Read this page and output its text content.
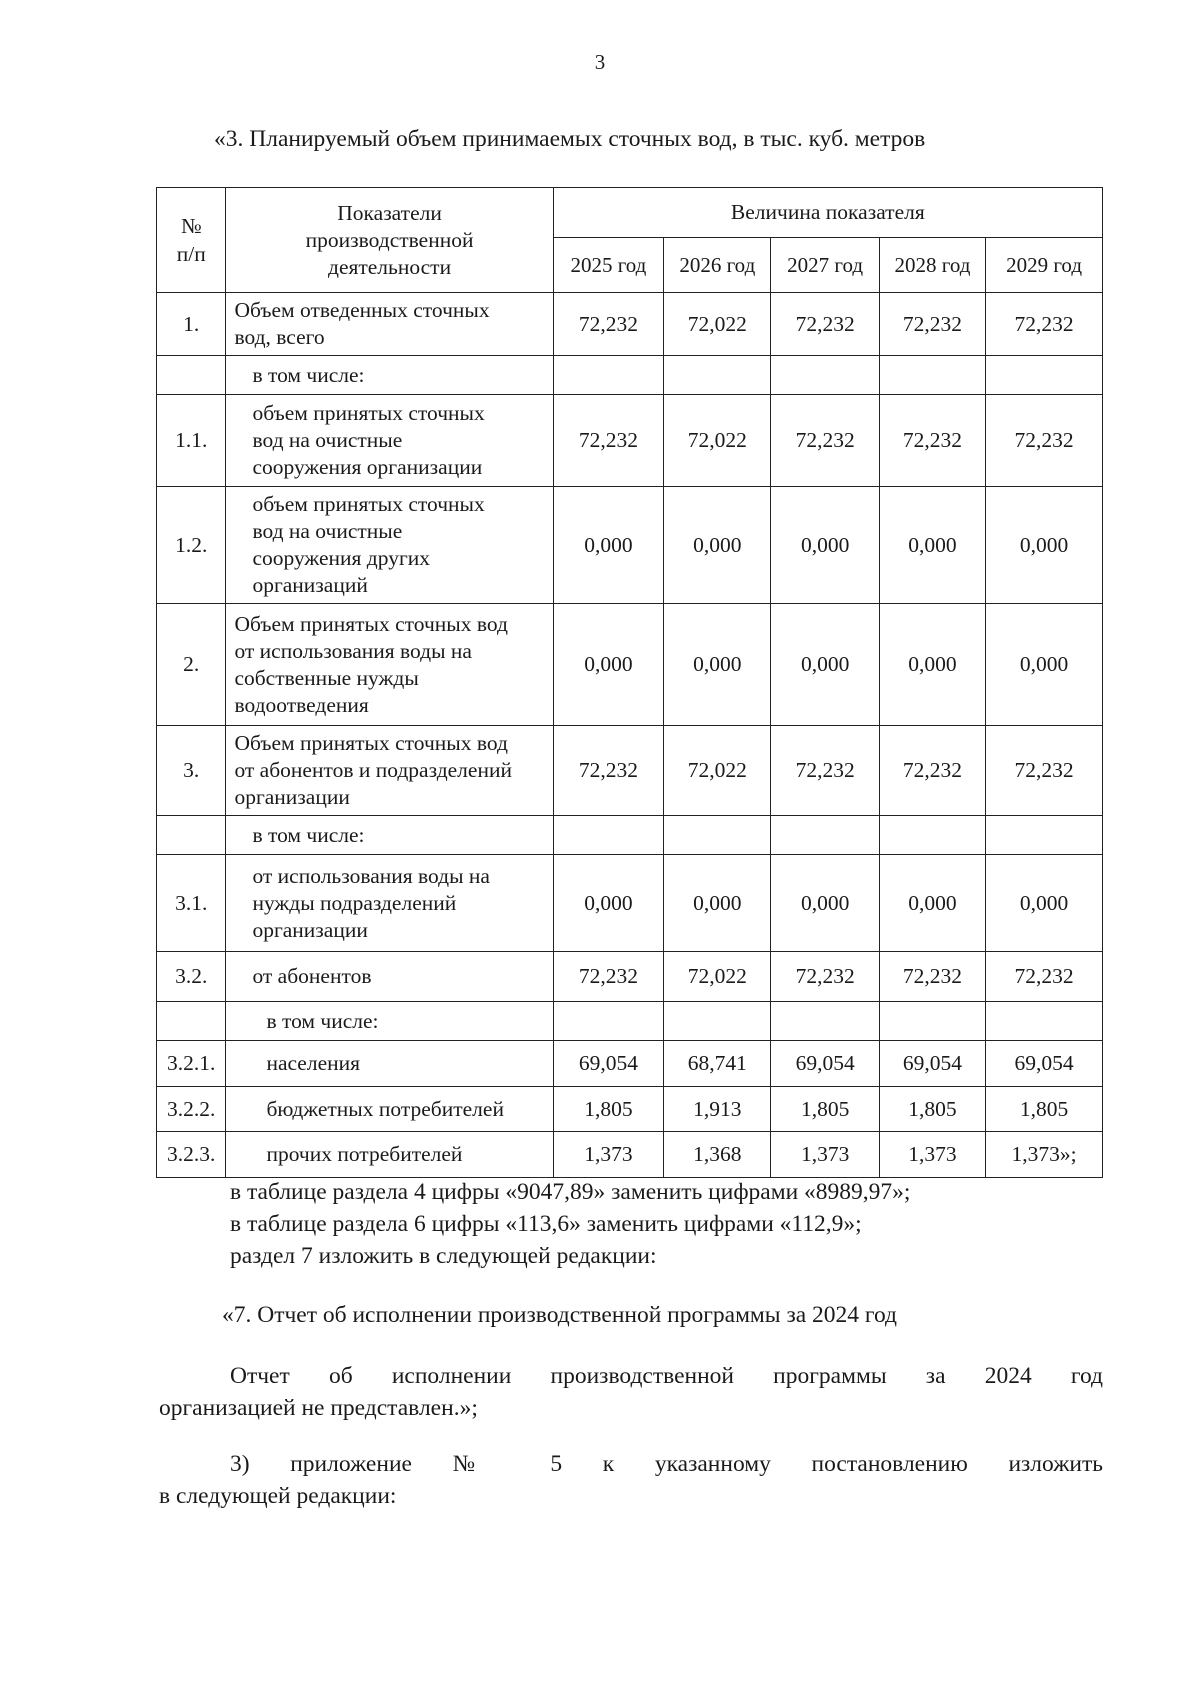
3
«3. Планируемый объем принимаемых сточных вод, в тыс. куб. метров
№
п/п	Показатели производственной деятельности	Величина показателя				
		2025 год	2026 год	2027 год	2028 год	2029 год
1.	Объем отведенных сточных вод, всего	72,232	72,022	72,232	72,232	72,232

	в том числе:					

1.1.	объем принятых сточных вод на очистные сооружения организации	72,232	72,022	72,232	72,232	72,232
1.2.	объем принятых сточных вод на очистные сооружения других организаций	0,000	0,000	0,000	0,000	0,000
2.	Объем принятых сточных вод от использования воды на собственные нужды водоотведения	0,000	0,000	0,000	0,000	0,000
3.	Объем принятых сточных вод от абонентов и подразделений организации	72,232	72,022	72,232	72,232	72,232

	в том числе:					

3.1.	от использования воды на нужды подразделений организации	0,000	0,000	0,000	0,000	0,000
3.2.	от абонентов	72,232	72,022	72,232	72,232	72,232

	в том числе:					

3.2.1.	населения	69,054	68,741	69,054	69,054	69,054
3.2.2.	бюджетных потребителей	1,805	1,913	1,805	1,805	1,805
3.2.3.	прочих потребителей	1,373	1,368	1,373	1,373	1,373»;
в таблице раздела 4 цифры «9047,89» заменить цифрами «8989,97»;
в таблице раздела 6 цифры «113,6» заменить цифрами «112,9»;
раздел 7 изложить в следующей редакции:
«7. Отчет об исполнении производственной программы за 2024 год
Отчет об исполнении производственной программы за 2024 год
организацией не представлен.»;
3) приложение № 5 к указанному постановлению изложить
в следующей редакции:
